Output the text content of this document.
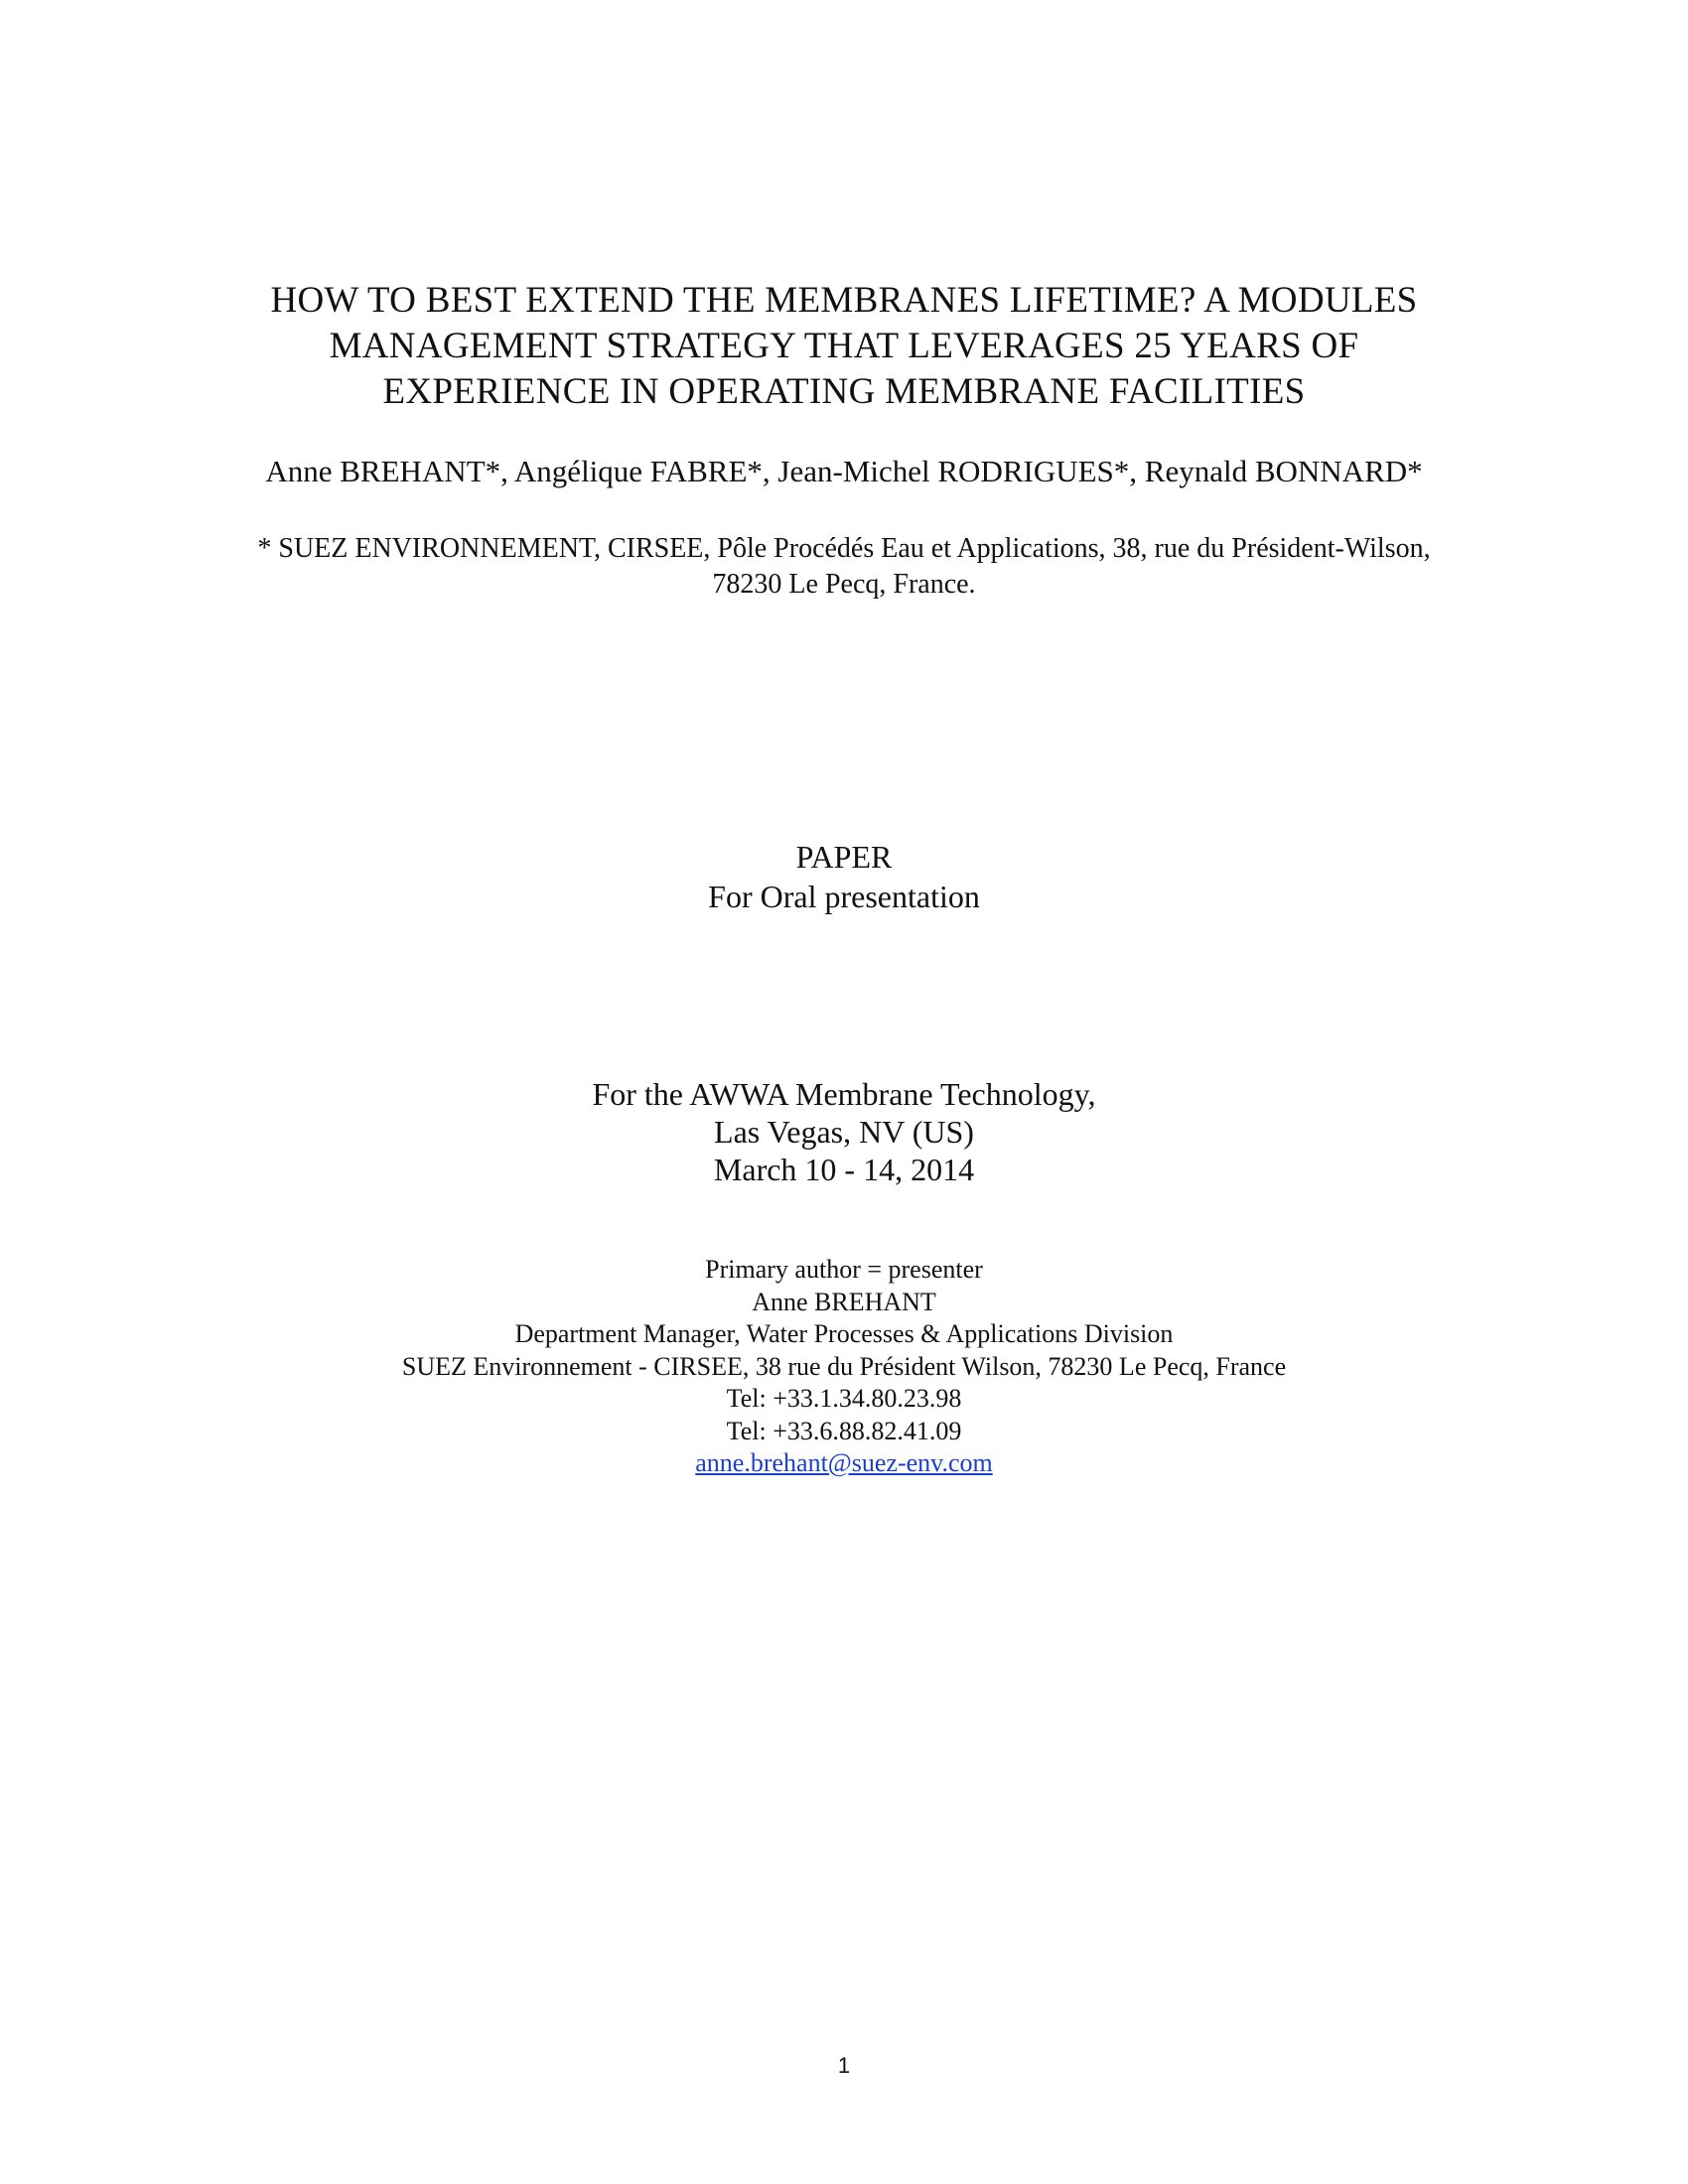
HOW TO BEST EXTEND THE MEMBRANES LIFETIME? A MODULES
MANAGEMENT STRATEGY THAT LEVERAGES 25 YEARS OF
EXPERIENCE IN OPERATING MEMBRANE FACILITIES
Anne BREHANT*, Angélique FABRE*, Jean-Michel RODRIGUES*, Reynald BONNARD*
* SUEZ ENVIRONNEMENT, CIRSEE, Pôle Procédés Eau et Applications, 38, rue du Président-Wilson,
78230 Le Pecq, France.
PAPER
For Oral presentation
For the AWWA Membrane Technology,
Las Vegas, NV (US)
March 10 - 14, 2014
Primary author = presenter
Anne BREHANT
Department Manager, Water Processes & Applications Division
SUEZ Environnement - CIRSEE, 38 rue du Président Wilson, 78230 Le Pecq, France
Tel: +33.1.34.80.23.98
Tel: +33.6.88.82.41.09
anne.brehant@suez-env.com
1
